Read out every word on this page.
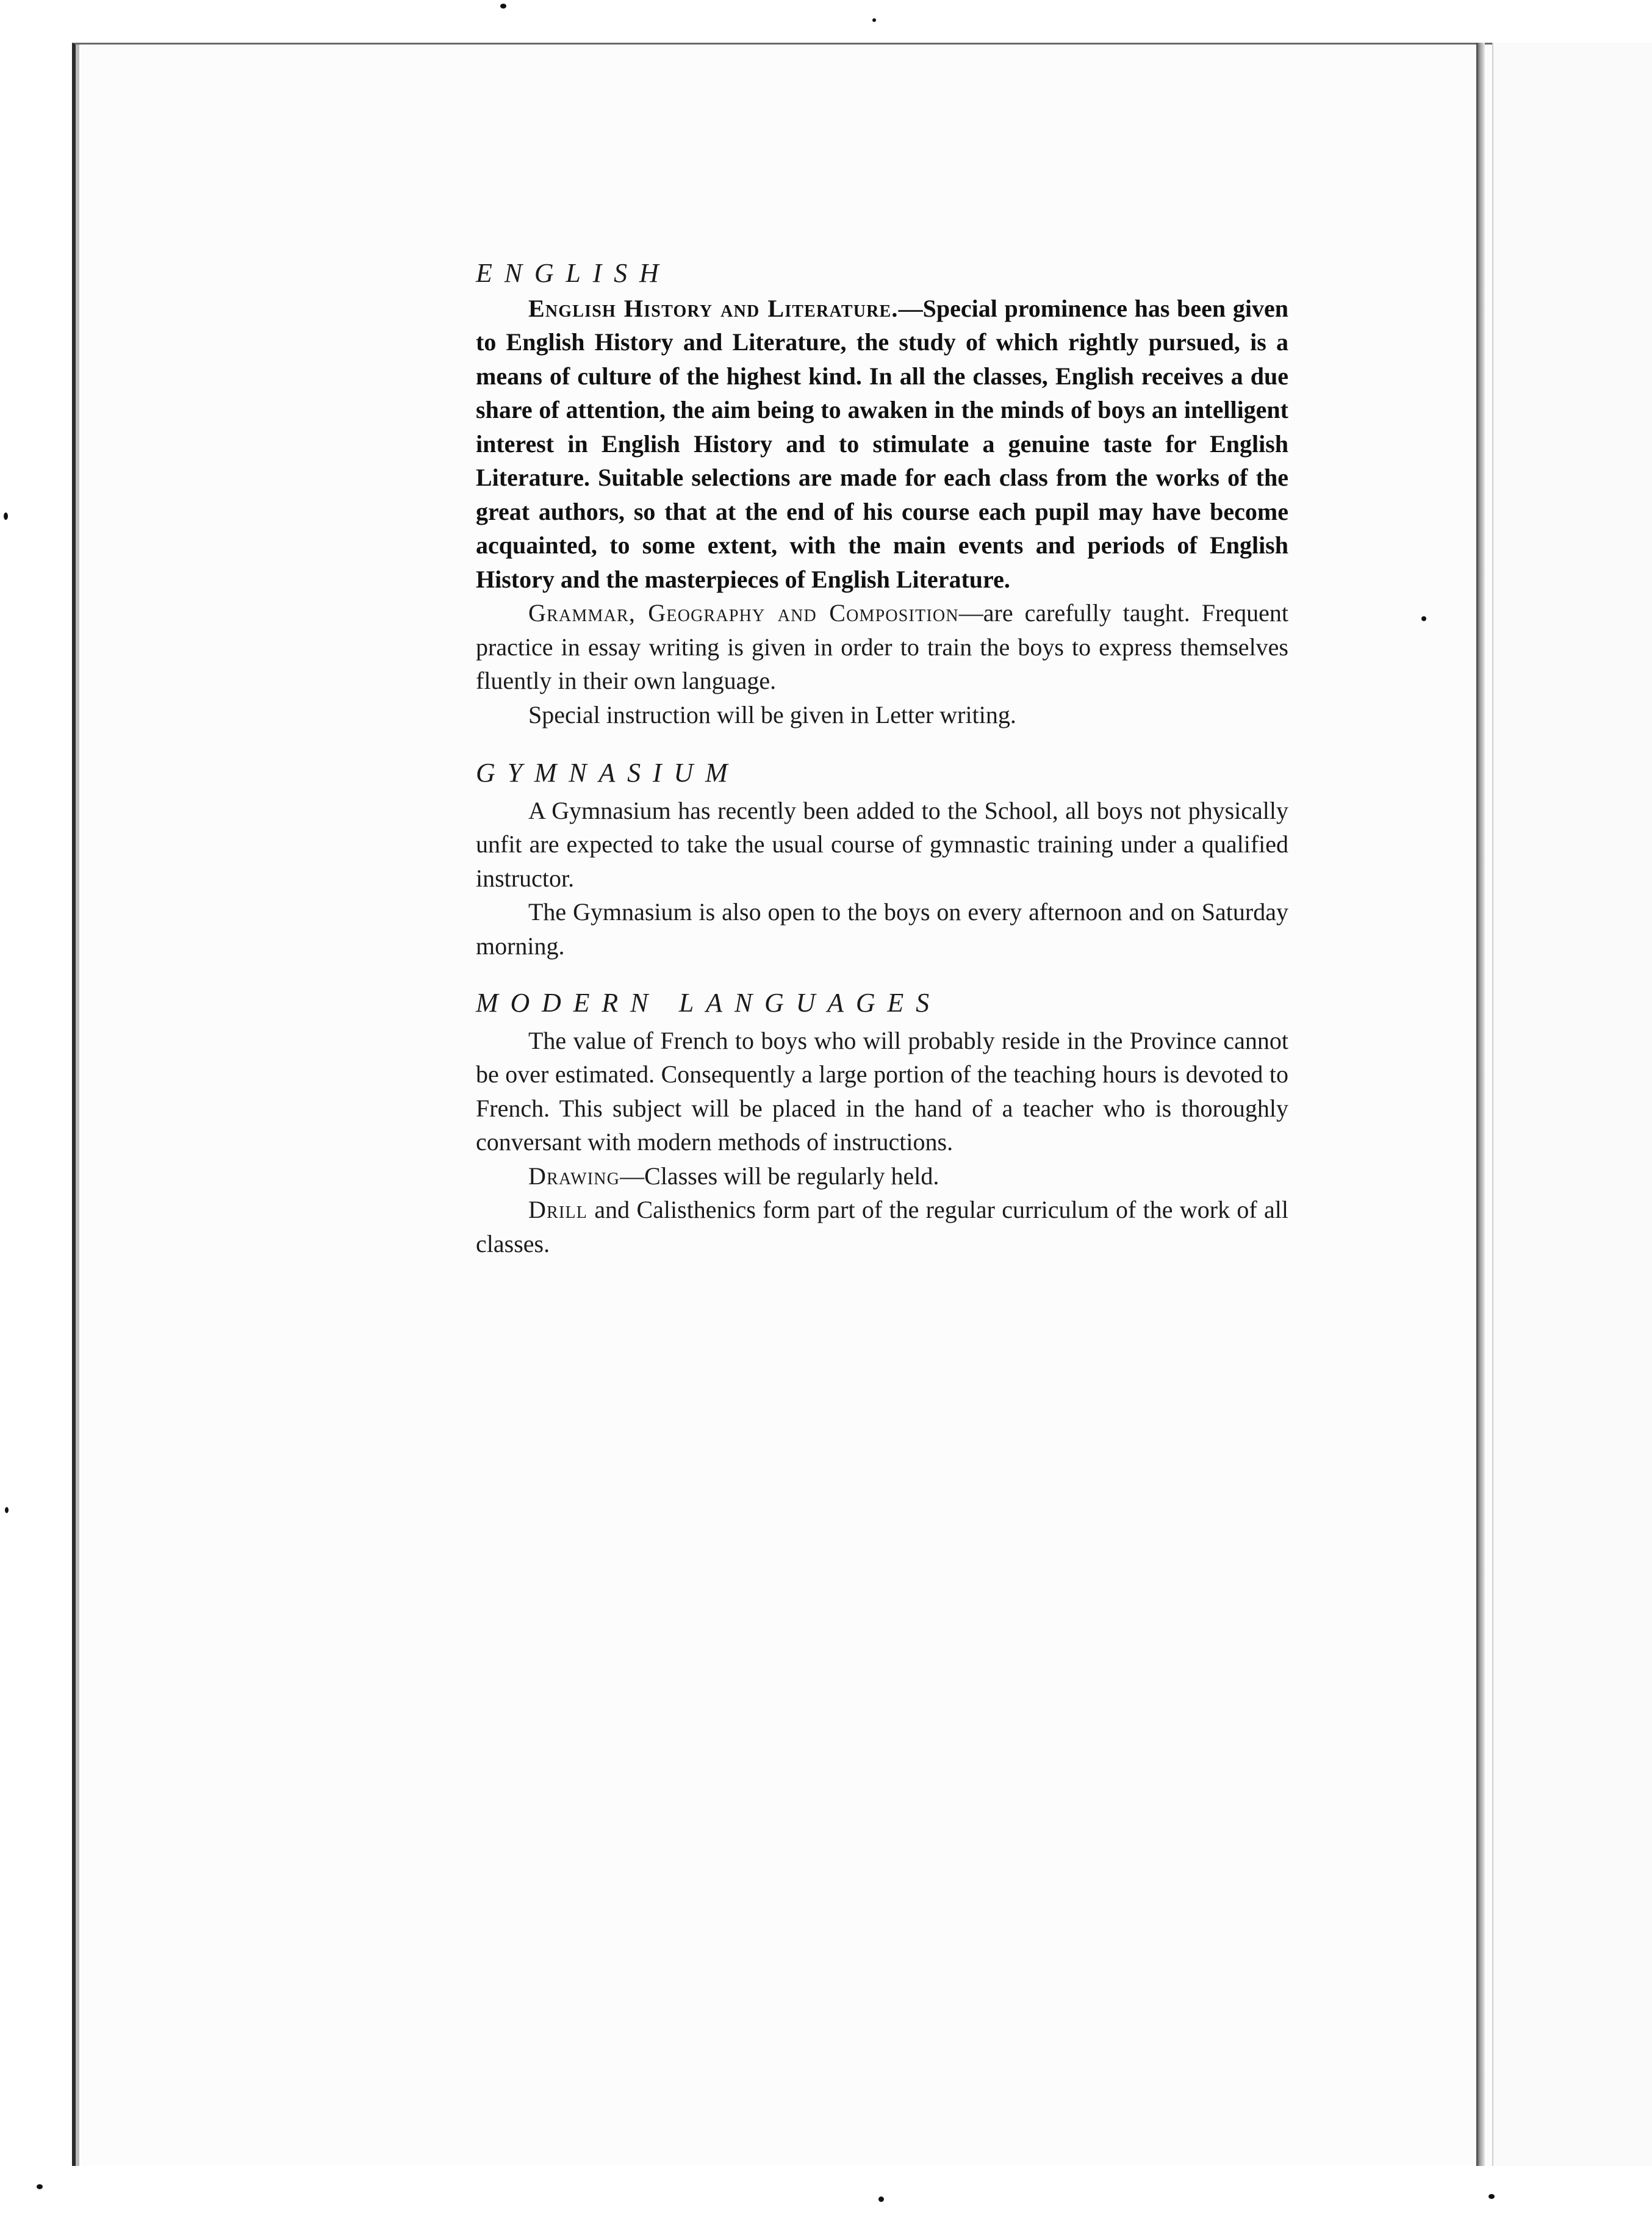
ENGLISH

English History and Literature.—Special prominence has been given to English History and Literature, the study of which rightly pursued, is a means of culture of the highest kind. In all the classes, English receives a due share of attention, the aim being to awaken in the minds of boys an intelligent interest in English History and to stimulate a genuine taste for English Literature. Suitable selections are made for each class from the works of the great authors, so that at the end of his course each pupil may have become acquainted, to some extent, with the main events and periods of English History and the masterpieces of English Literature.

Grammar, Geography and Composition—are carefully taught. Frequent practice in essay writing is given in order to train the boys to express themselves fluently in their own language.

Special instruction will be given in Letter writing.

GYMNASIUM

A Gymnasium has recently been added to the School, all boys not physically unfit are expected to take the usual course of gymnastic training under a qualified instructor.

The Gymnasium is also open to the boys on every afternoon and on Saturday morning.

MODERN LANGUAGES

The value of French to boys who will probably reside in the Province cannot be over estimated. Consequently a large portion of the teaching hours is devoted to French. This subject will be placed in the hand of a teacher who is thoroughly conversant with modern methods of instructions.

Drawing—Classes will be regularly held.

Drill and Calisthenics form part of the regular curriculum of the work of all classes.
